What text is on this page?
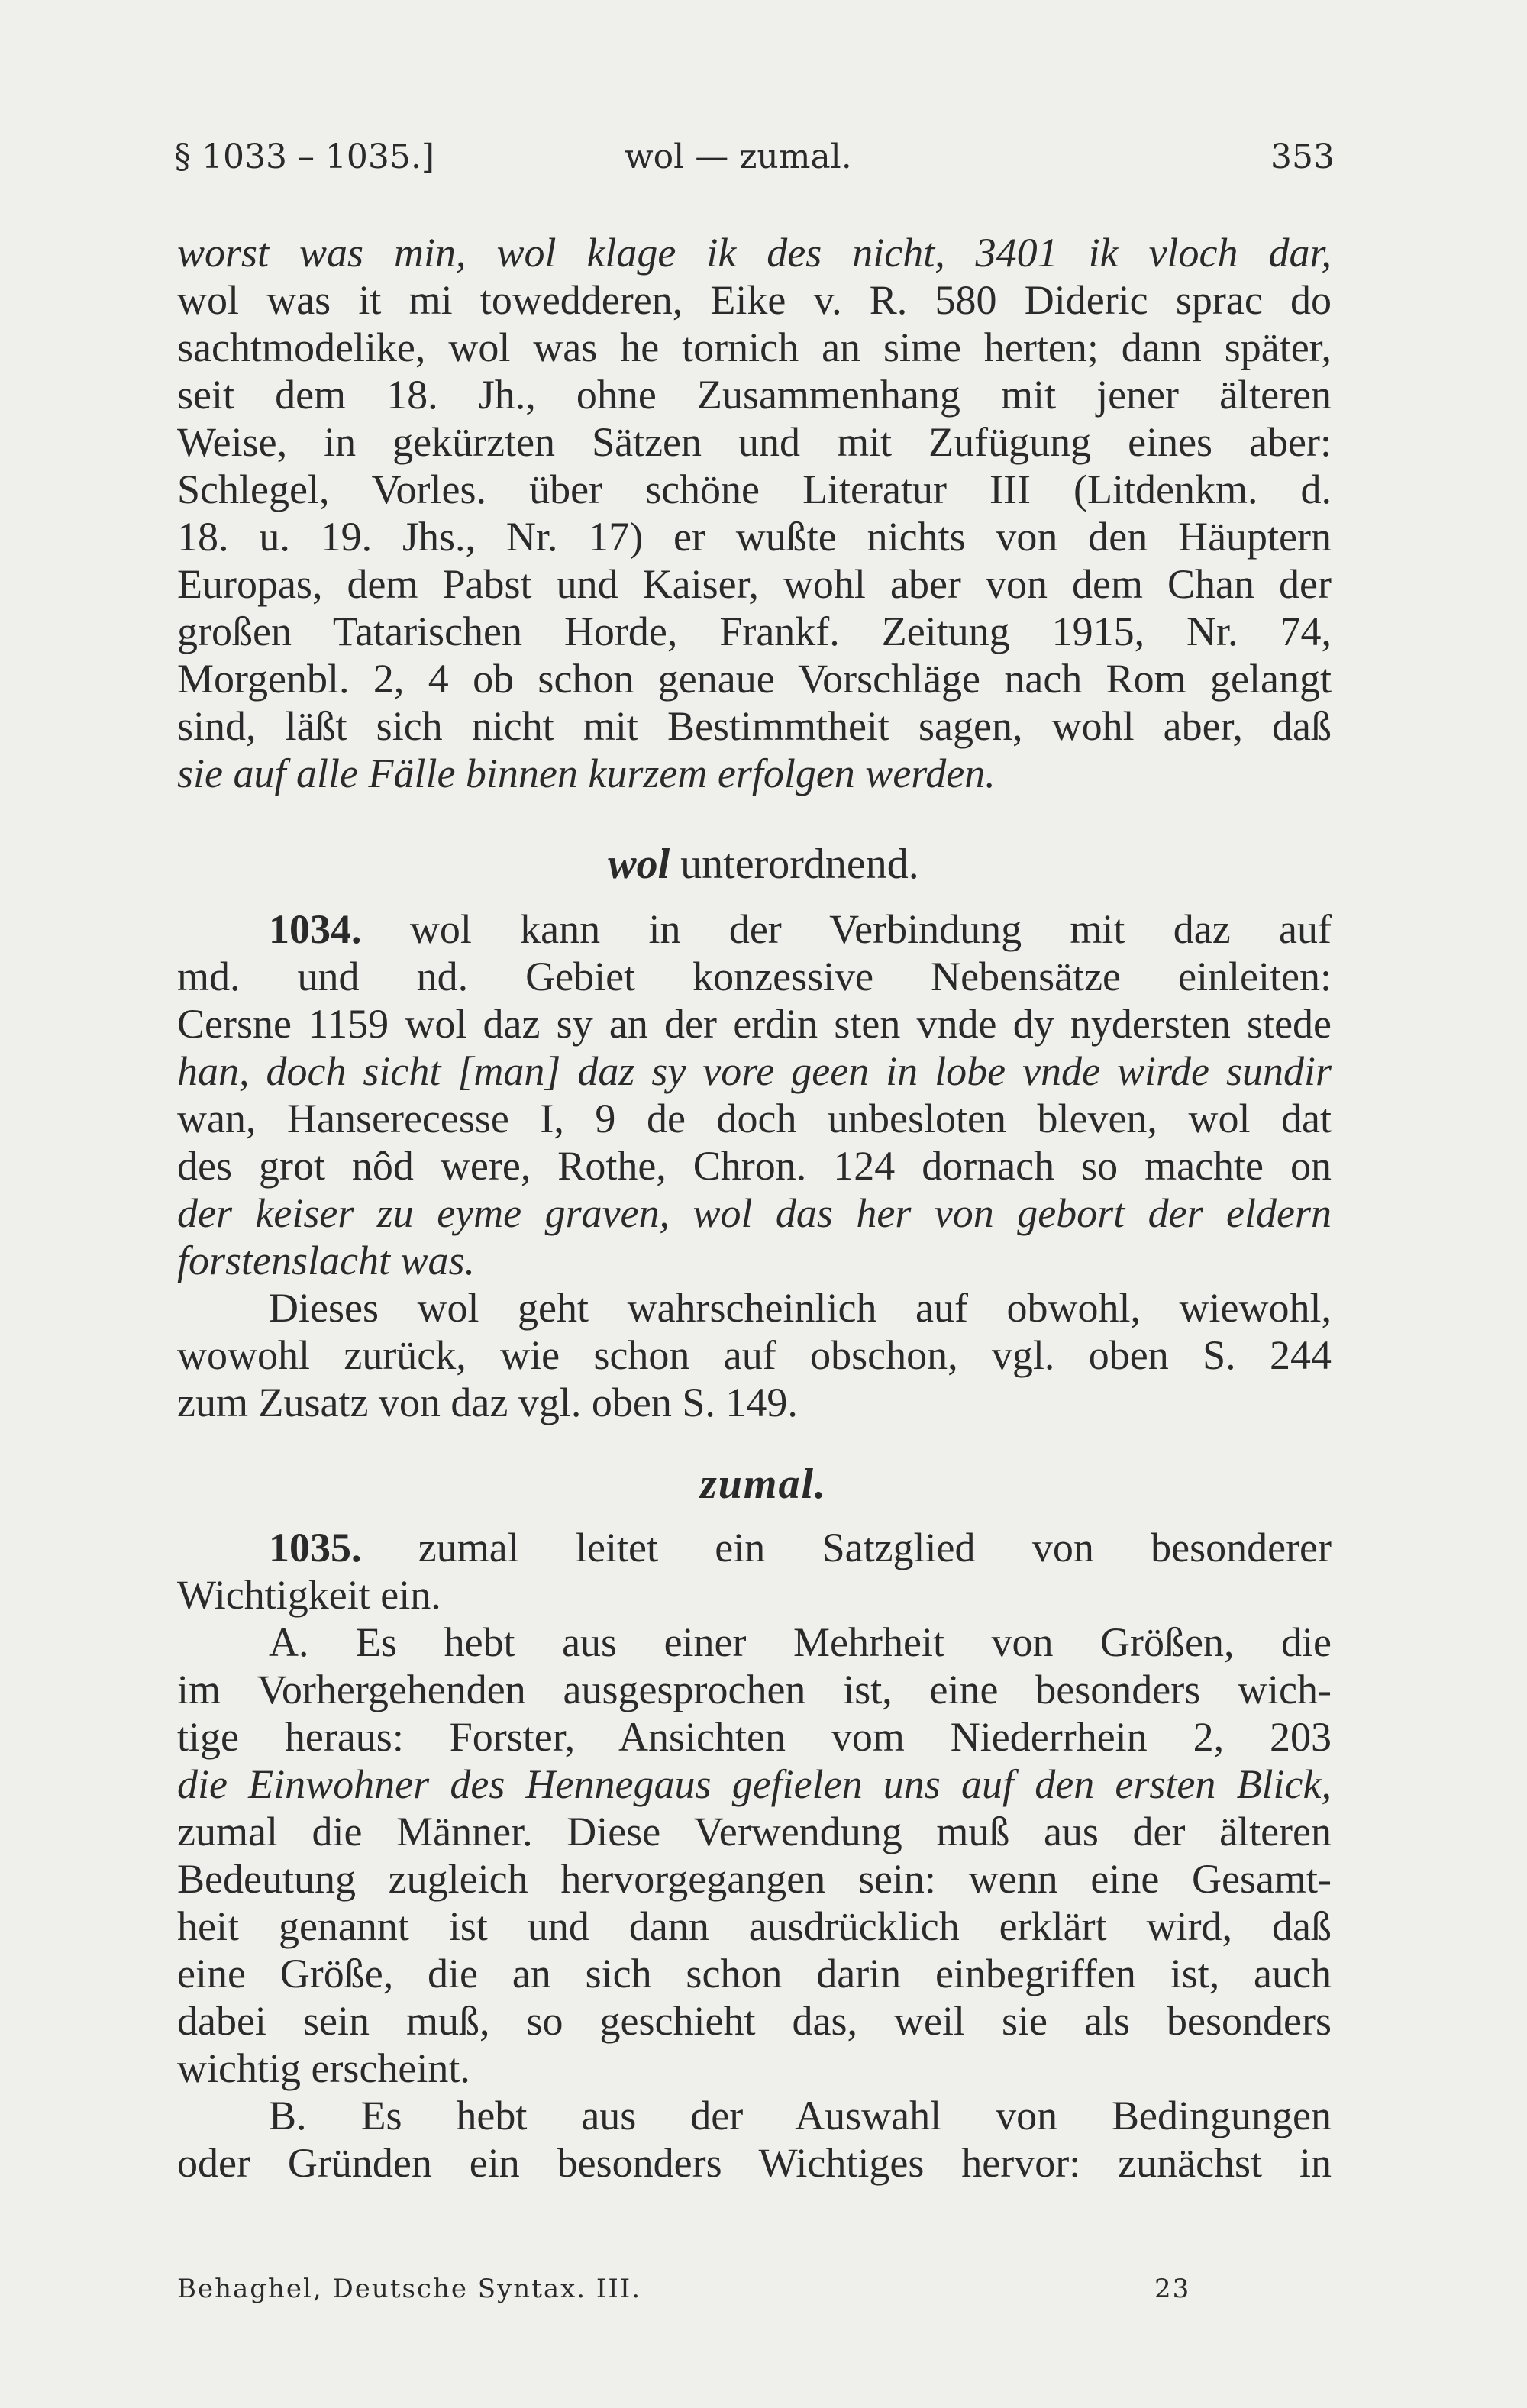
§ 1033 – 1035.]	wol — zumal.	353
worst was min, wol klage ik des nicht, 3401 ik vloch dar,
wol was it mi towedderen, Eike v. R. 580 Dideric sprac do
sachtmodelike, wol was he tornich an sime herten; dann später,
seit dem 18. Jh., ohne Zusammenhang mit jener älteren
Weise, in gekürzten Sätzen und mit Zufügung eines aber:
Schlegel, Vorles. über schöne Literatur III (Litdenkm. d.
18. u. 19. Jhs., Nr. 17) er wußte nichts von den Häuptern
Europas, dem Pabst und Kaiser, wohl aber von dem Chan der
großen Tatarischen Horde, Frankf. Zeitung 1915, Nr. 74,
Morgenbl. 2, 4 ob schon genaue Vorschläge nach Rom gelangt
sind, läßt sich nicht mit Bestimmtheit sagen, wohl aber, daß
sie auf alle Fälle binnen kurzem erfolgen werden.
wol unterordnend.
1034. wol kann in der Verbindung mit daz auf
md. und nd. Gebiet konzessive Nebensätze einleiten:
Cersne 1159 wol daz sy an der erdin sten vnde dy nydersten stede
han, doch sicht [man] daz sy vore geen in lobe vnde wirde sundir
wan, Hanserecesse I, 9 de doch unbesloten bleven, wol dat
des grot nôd were, Rothe, Chron. 124 dornach so machte on
der keiser zu eyme graven, wol das her von gebort der eldern
forstenslacht was.
Dieses wol geht wahrscheinlich auf obwohl, wiewohl,
wowohl zurück, wie schon auf obschon, vgl. oben S. 244
zum Zusatz von daz vgl. oben S. 149.
zumal.
1035. zumal leitet ein Satzglied von besonderer
Wichtigkeit ein.
A. Es hebt aus einer Mehrheit von Größen, die
im Vorhergehenden ausgesprochen ist, eine besonders wich-
tige heraus: Forster, Ansichten vom Niederrhein 2, 203
die Einwohner des Hennegaus gefielen uns auf den ersten Blick,
zumal die Männer. Diese Verwendung muß aus der älteren
Bedeutung zugleich hervorgegangen sein: wenn eine Gesamt-
heit genannt ist und dann ausdrücklich erklärt wird, daß
eine Größe, die an sich schon darin einbegriffen ist, auch
dabei sein muß, so geschieht das, weil sie als besonders
wichtig erscheint.
B. Es hebt aus der Auswahl von Bedingungen
oder Gründen ein besonders Wichtiges hervor: zunächst in
Behaghel, Deutsche Syntax. III.	23
